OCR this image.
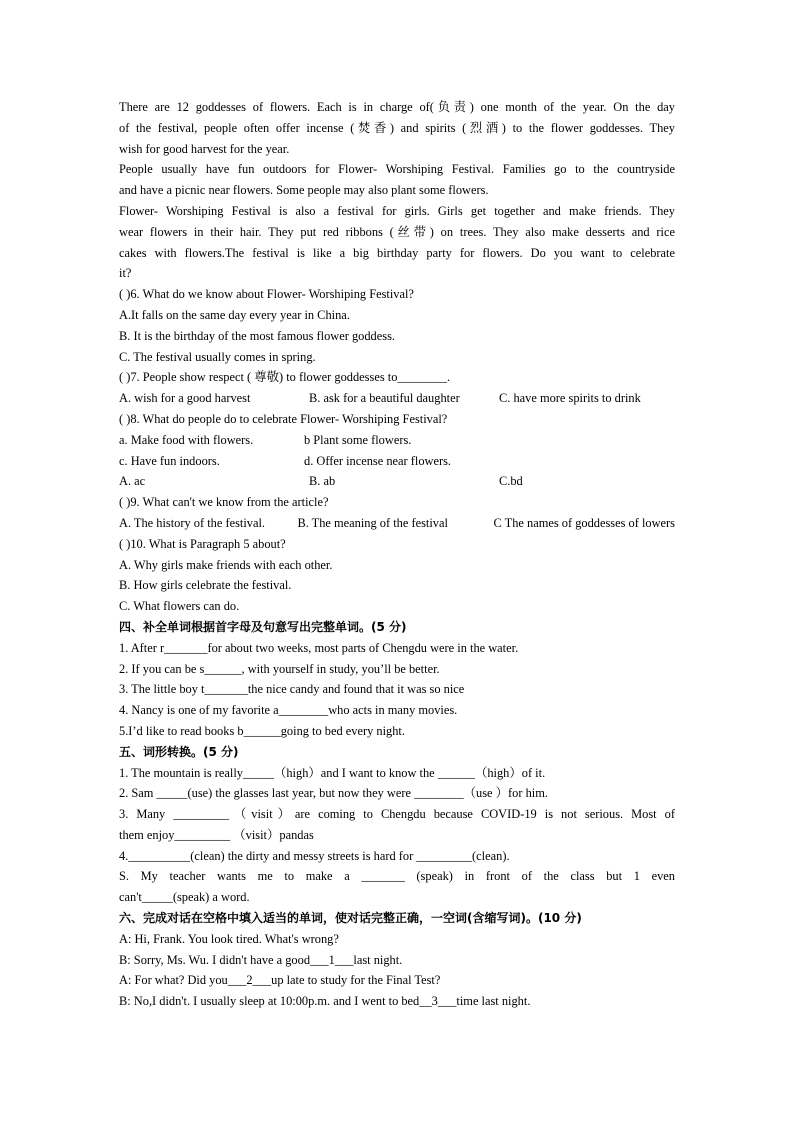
There are 12 goddesses of flowers. Each is in charge of(负责) one month of the year. On the day
of the festival, people often offer incense (焚香) and spirits (烈酒) to the flower goddesses. They
wish for good harvest for the year.
People usually have fun outdoors for Flower- Worshiping Festival. Families go to the countryside
and have a picnic near flowers. Some people may also plant some flowers.
Flower- Worshiping Festival is also a festival for girls. Girls get together and make friends. They
wear flowers in their hair. They put red ribbons (丝带) on trees. They also make desserts and rice
cakes with flowers.The festival is like a big birthday party for flowers. Do you want to celebrate
it?
( )6. What do we know about Flower- Worshiping Festival?
A.It falls on the same day every year in China.
B. It is the birthday of the most famous flower goddess.
C. The festival usually comes in spring.
( )7. People show respect ( 尊敬) to flower goddesses to________.
A. wish for a good harvest	B. ask for a beautiful daughter	C. have more spirits to drink
( )8. What do people do to celebrate Flower- Worshiping Festival?
a. Make food with flowers.	b Plant some flowers.
c. Have fun indoors.	d. Offer incense near flowers.
A. ac	B. ab	C.bd
( )9. What can't we know from the article?
A. The history of the festival.	B. The meaning of the festival	C The names of goddesses of lowers
( )10. What is Paragraph 5 about?
A. Why girls make friends with each other.
B. How girls celebrate the festival.
C. What flowers can do.
四、补全单词根据首字母及句意写出完整单词。(5 分)
1. After r_______for about two weeks, most parts of Chengdu were in the water.
2. If you can be s______, with yourself in study, you’ll be better.
3. The little boy t_______the nice candy and found that it was so nice
4. Nancy is one of my favorite a________who acts in many movies.
5.I’d like to read books b______going to bed every night.
五、词形转换。(5 分)
1. The mountain is really_____（high）and I want to know the ______（high）of it.
2. Sam _____(use) the glasses last year, but now they were ________（use ）for him.
3. Many _________（visit）are coming to Chengdu because COVID-19 is not serious. Most of
them enjoy_________ （visit）pandas
4.__________(clean) the dirty and messy streets is hard for _________(clean).
S. My teacher wants me to make a _______ (speak) in front of the class but 1 even
can't_____(speak) a word.
六、完成对话在空格中填入适当的单词，使对话完整正确，一空词(含缩写词)。(10 分)
A: Hi, Frank. You look tired. What's wrong?
B: Sorry, Ms. Wu. I didn't have a good___1___last night.
A: For what? Did you___2___up late to study for the Final Test?
B: No,I didn't. I usually sleep at 10:00p.m. and I went to bed__3___time last night.
